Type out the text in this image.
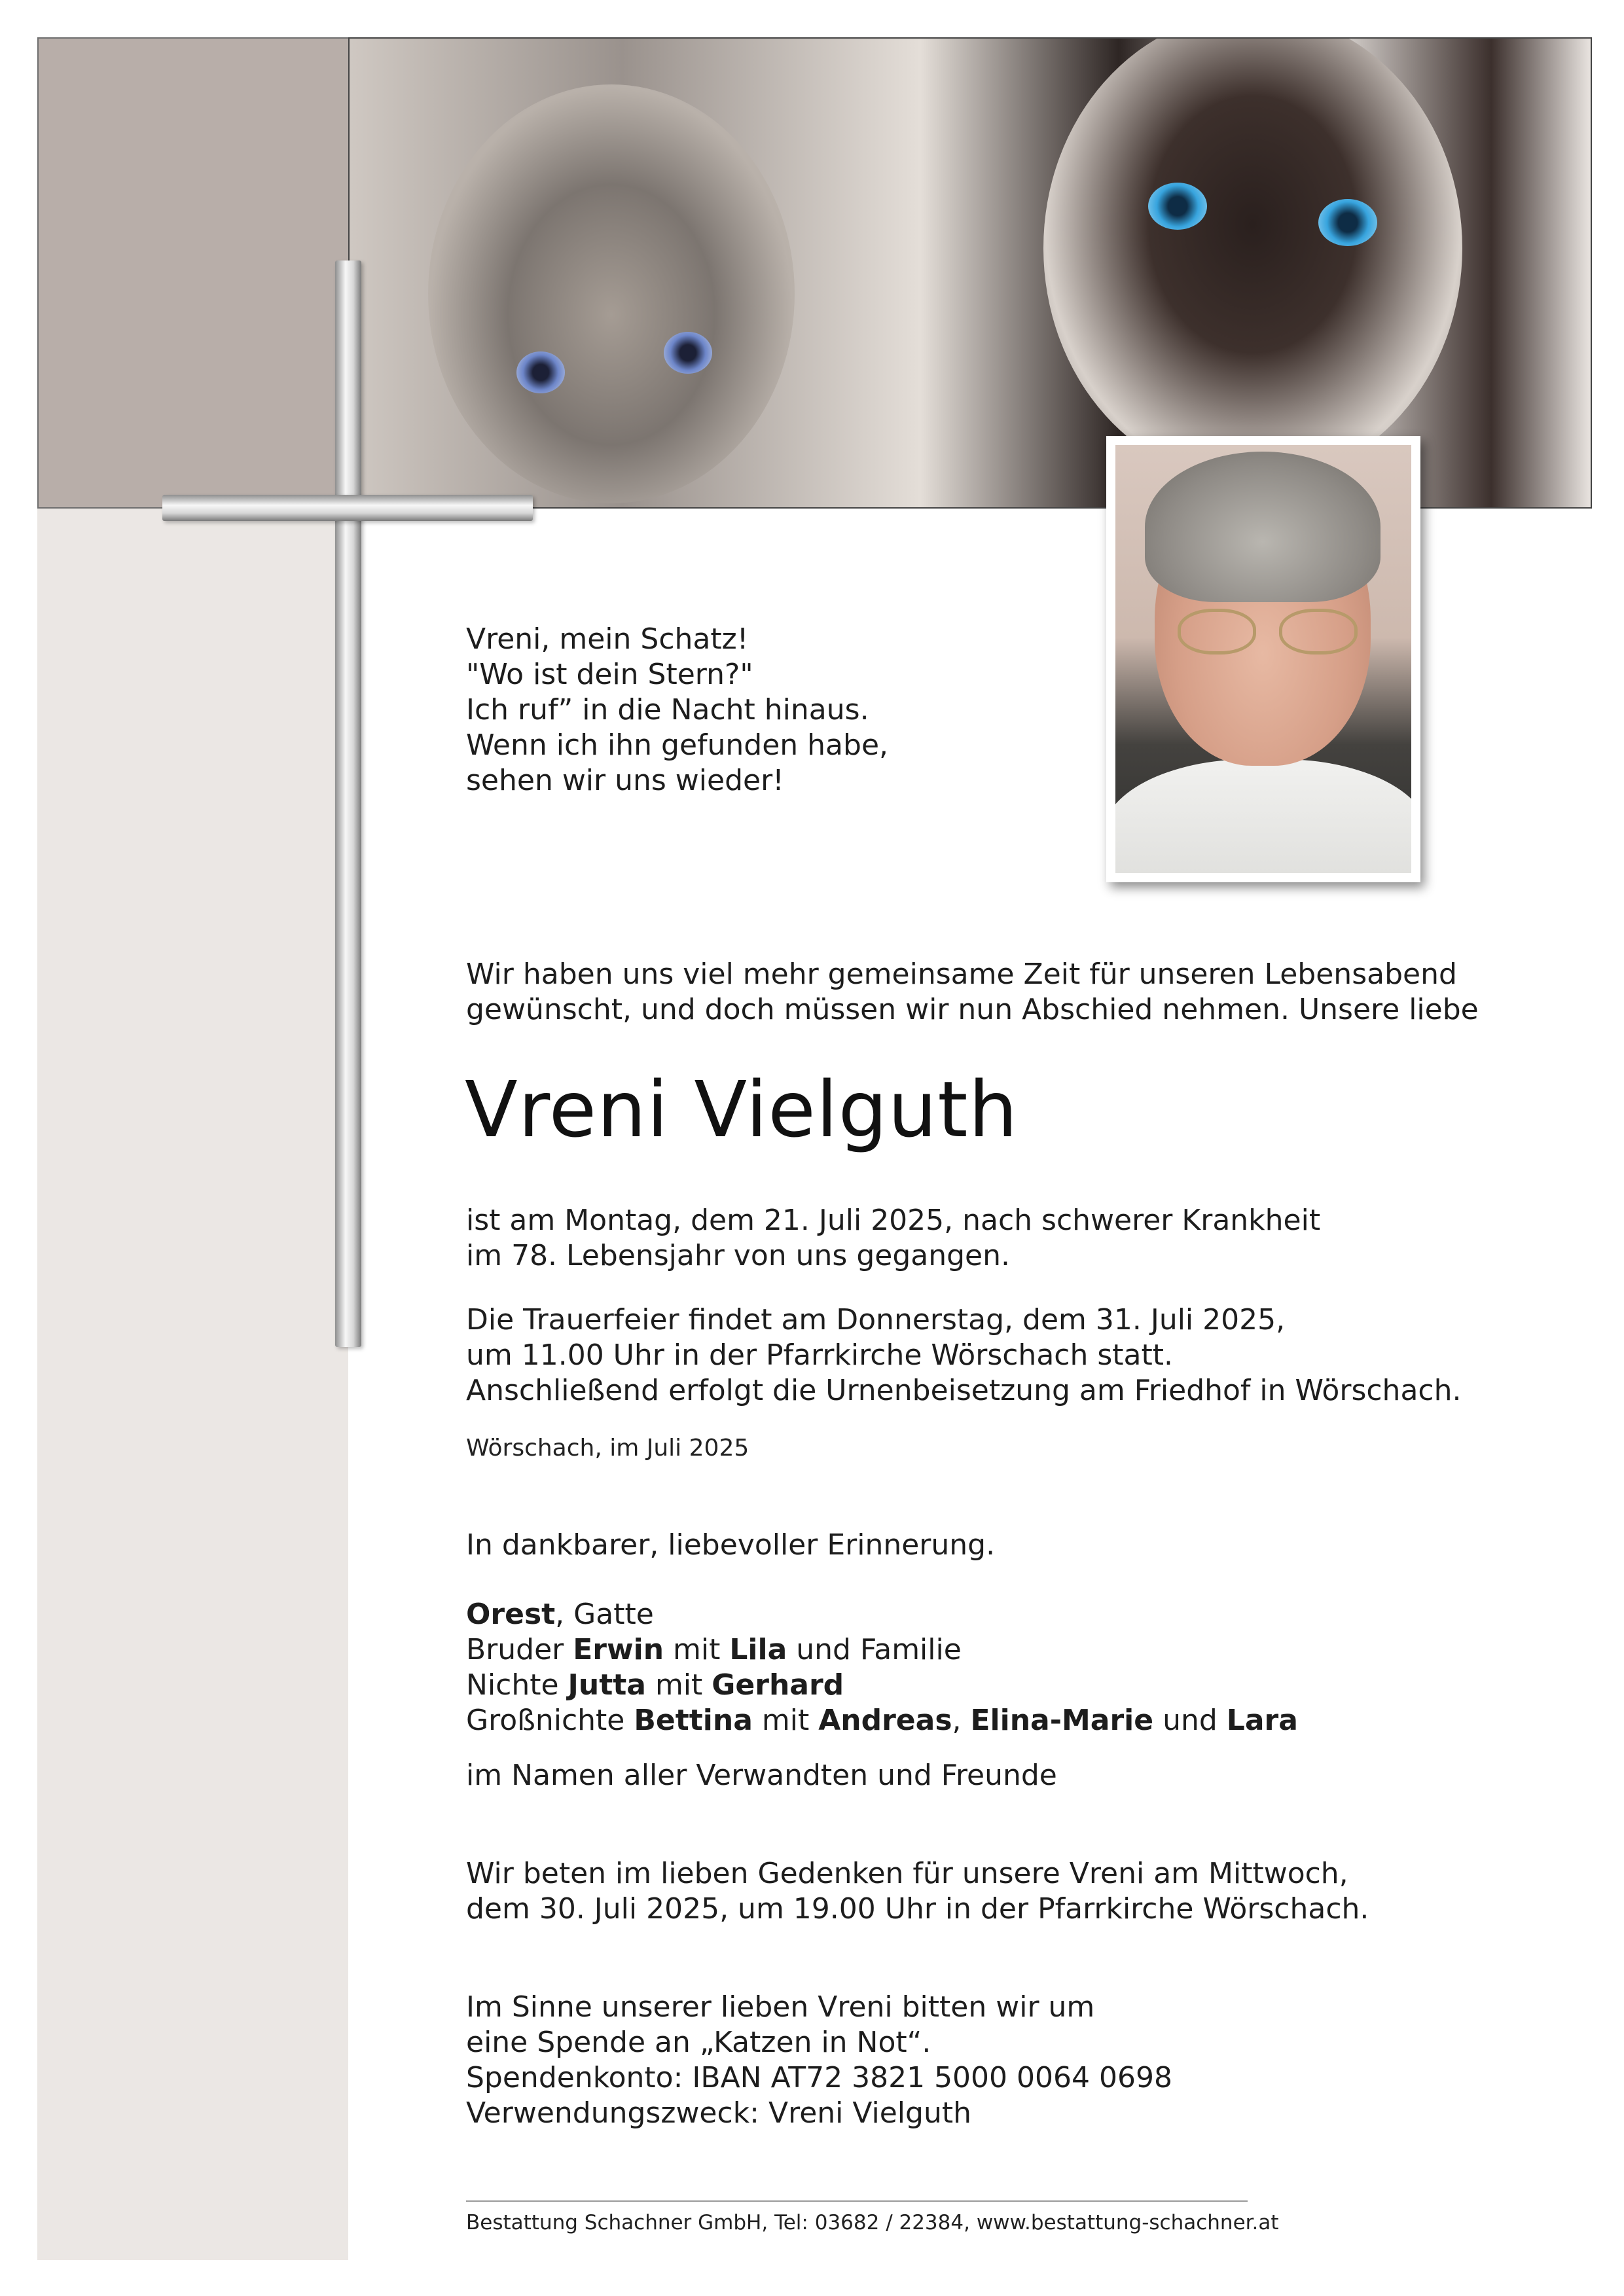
Vreni, mein Schatz!
"Wo ist dein Stern?"
Ich ruf” in die Nacht hinaus.
Wenn ich ihn gefunden habe,
sehen wir uns wieder!
Wir haben uns viel mehr gemeinsame Zeit für unseren Lebensabend
gewünscht, und doch müssen wir nun Abschied nehmen. Unsere liebe
Vreni Vielguth
ist am Montag, dem 21. Juli 2025, nach schwerer Krankheit
im 78. Lebensjahr von uns gegangen.
Die Trauerfeier findet am Donnerstag, dem 31. Juli 2025,
um 11.00 Uhr in der Pfarrkirche Wörschach statt.
Anschließend erfolgt die Urnenbeisetzung am Friedhof in Wörschach.
Wörschach, im Juli 2025
In dankbarer, liebevoller Erinnerung.
Orest, Gatte
Bruder Erwin mit Lila und Familie
Nichte Jutta mit Gerhard
Großnichte Bettina mit Andreas, Elina-Marie und Lara
im Namen aller Verwandten und Freunde
Wir beten im lieben Gedenken für unsere Vreni am Mittwoch,
dem 30. Juli 2025, um 19.00 Uhr in der Pfarrkirche Wörschach.
Im Sinne unserer lieben Vreni bitten wir um
eine Spende an „Katzen in Not“.
Spendenkonto: IBAN AT72 3821 5000 0064 0698
Verwendungszweck: Vreni Vielguth
Bestattung Schachner GmbH, Tel: 03682 / 22384, www.bestattung-schachner.at
